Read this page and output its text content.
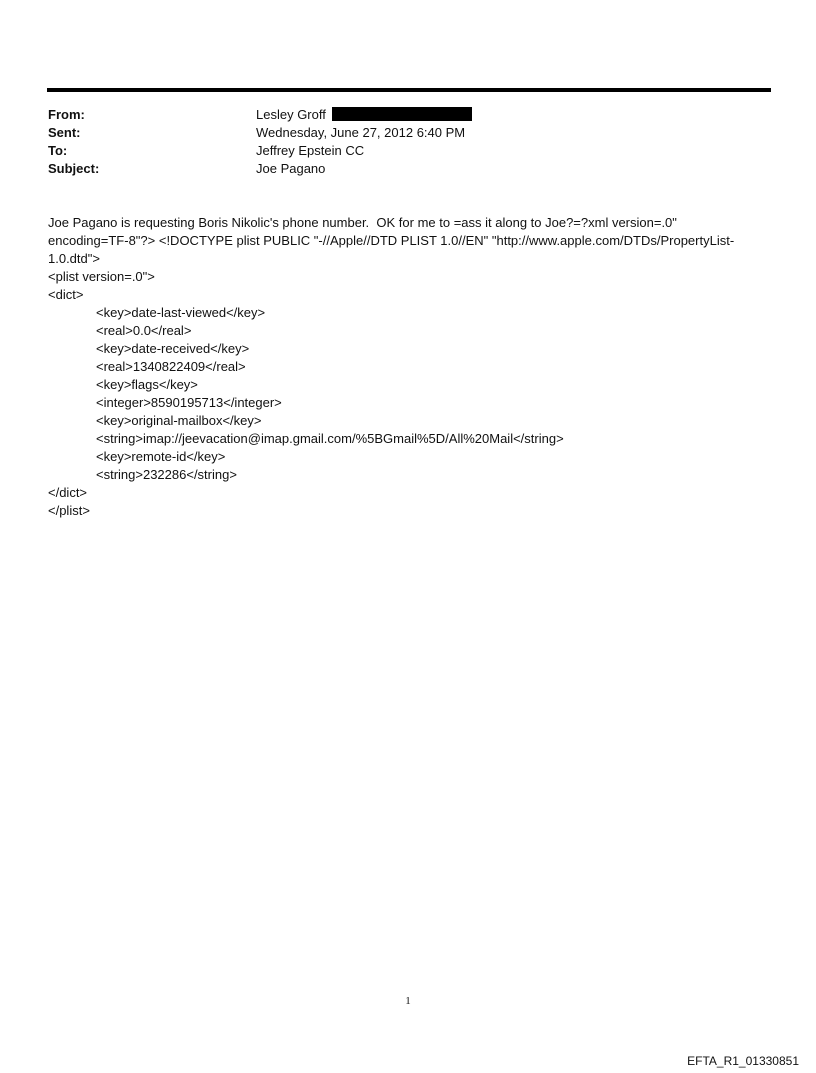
From:	Lesley Groff
Sent:	Wednesday, June 27, 2012 6:40 PM
To:	Jeffrey Epstein CC
Subject:	Joe Pagano

Joe Pagano is requesting Boris Nikolic's phone number.  OK for me to =ass it along to Joe?=?xml version=.0"

encoding=TF-8"?> <!DOCTYPE plist PUBLIC "-//Apple//DTD PLIST 1.0//EN" "http://www.apple.com/DTDs/PropertyList-

1.0.dtd">

<plist version=.0">

<dict>

<key>date-last-viewed</key>

<real>0.0</real>

<key>date-received</key>

<real>1340822409</real>

<key>flags</key>

<integer>8590195713</integer>

<key>original-mailbox</key>

<string>imap://jeevacation@imap.gmail.com/%5BGmail%5D/All%20Mail</string>

<key>remote-id</key>

<string>232286</string>

</dict>

</plist>

1
EFTA_R1_01330851
